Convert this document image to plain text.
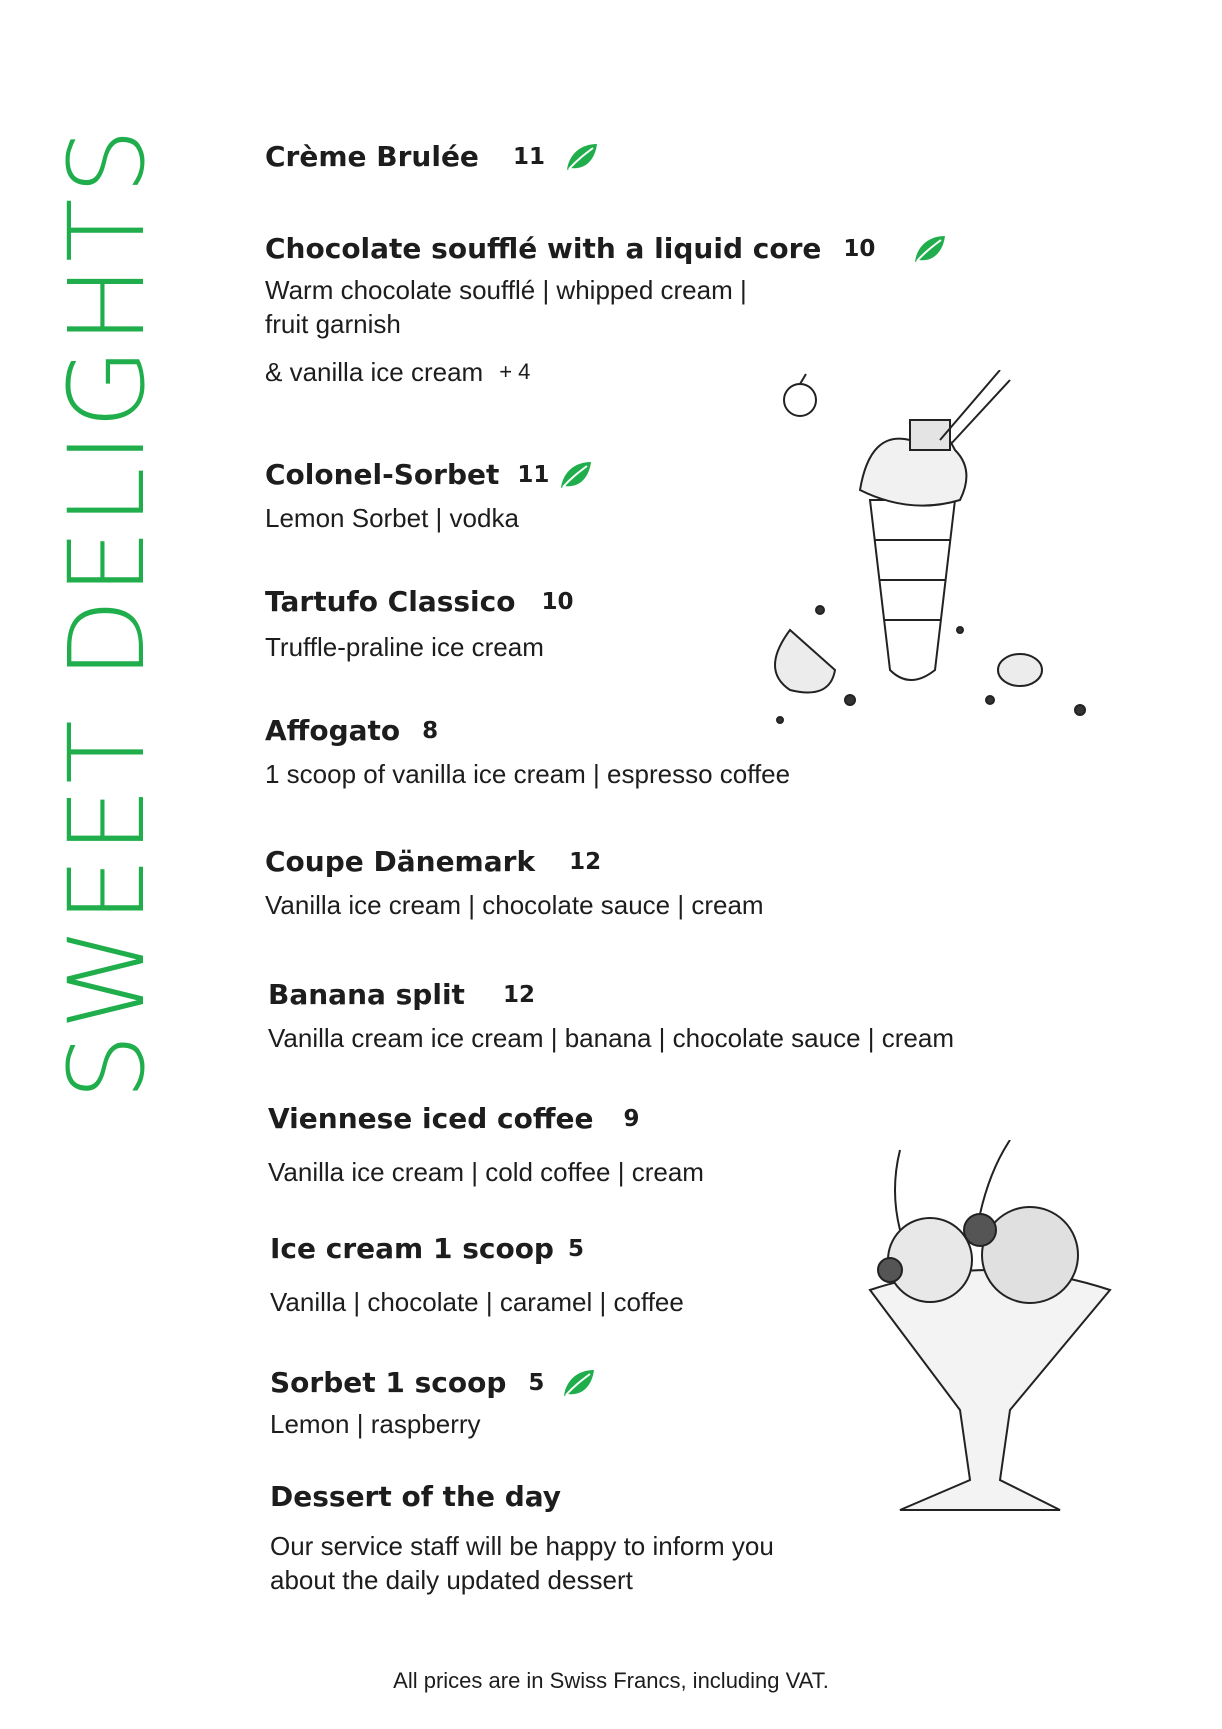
SWEET DELIGHTS	Crème Brulée 11
Chocolate soufflé with a liquid core 10
Warm chocolate soufflé | whipped cream |
fruit garnish
& vanilla ice cream + 4
Colonel-Sorbet 11
Lemon Sorbet | vodka
Tartufo Classico 10
Truffle-praline ice cream
Affogato 8
1 scoop of vanilla ice cream | espresso coffee
Coupe Dänemark 12
Vanilla ice cream | chocolate sauce | cream
Banana split 12
Vanilla cream ice cream | banana | chocolate sauce | cream
Viennese iced coffee 9
Vanilla ice cream | cold coffee | cream
Ice cream 1 scoop 5
Vanilla | chocolate | caramel | coffee
Sorbet 1 scoop 5
Lemon | raspberry
Dessert of the day
Our service staff will be happy to inform you
about the daily updated dessert
All prices are in Swiss Francs, including VAT.
